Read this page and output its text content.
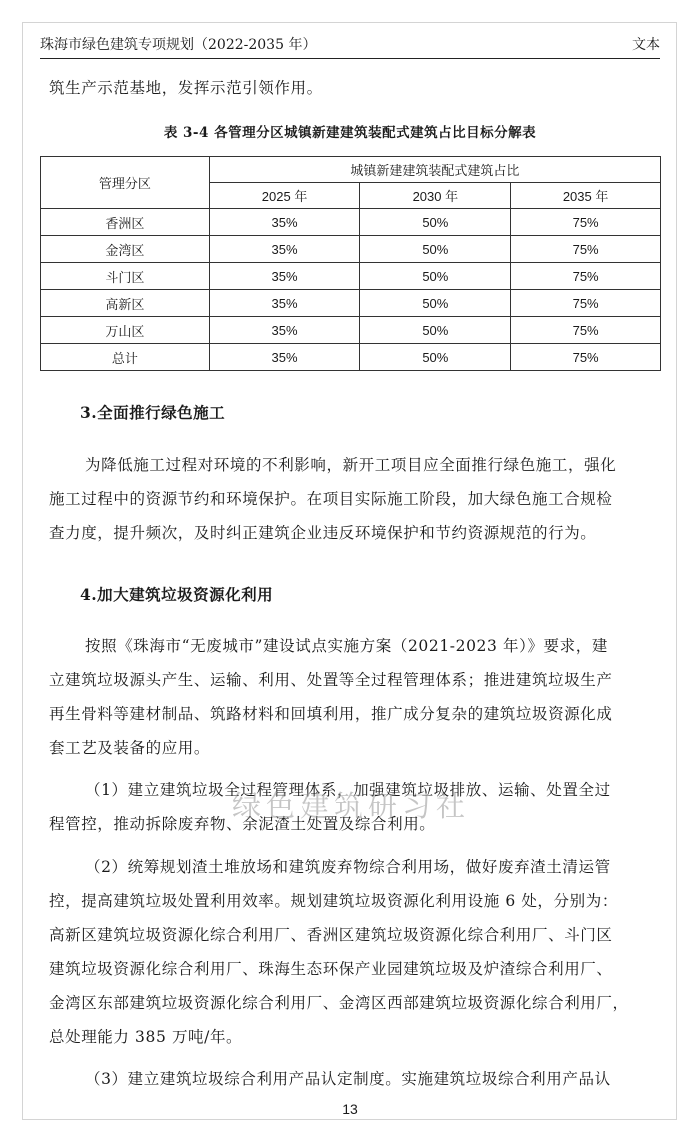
珠海市绿色建筑专项规划（2022-2035 年）	文本
筑生产示范基地，发挥示范引领作用。
表 3-4 各管理分区城镇新建建筑装配式建筑占比目标分解表
管理分区	城镇新建建筑装配式建筑占比		
	2025 年	2030 年	2035 年
香洲区	35%	50%	75%
金湾区	35%	50%	75%
斗门区	35%	50%	75%
高新区	35%	50%	75%
万山区	35%	50%	75%
总计	35%	50%	75%
3.全面推行绿色施工
为降低施工过程对环境的不利影响，新开工项目应全面推行绿色施工，强化
施工过程中的资源节约和环境保护。在项目实际施工阶段，加大绿色施工合规检
查力度，提升频次，及时纠正建筑企业违反环境保护和节约资源规范的行为。
4.加大建筑垃圾资源化利用
按照《珠海市“无废城市”建设试点实施方案（2021-2023 年）》要求，建
立建筑垃圾源头产生、运输、利用、处置等全过程管理体系；推进建筑垃圾生产
再生骨料等建材制品、筑路材料和回填利用，推广成分复杂的建筑垃圾资源化成
套工艺及装备的应用。
（1）建立建筑垃圾全过程管理体系，加强建筑垃圾排放、运输、处置全过
程管控，推动拆除废弃物、余泥渣土处置及综合利用。
（2）统筹规划渣土堆放场和建筑废弃物综合利用场，做好废弃渣土清运管
控，提高建筑垃圾处置利用效率。规划建筑垃圾资源化利用设施 6 处，分别为：
高新区建筑垃圾资源化综合利用厂、香洲区建筑垃圾资源化综合利用厂、斗门区
建筑垃圾资源化综合利用厂、珠海生态环保产业园建筑垃圾及炉渣综合利用厂、
金湾区东部建筑垃圾资源化综合利用厂、金湾区西部建筑垃圾资源化综合利用厂，
总处理能力 385 万吨/年。
（3）建立建筑垃圾综合利用产品认定制度。实施建筑垃圾综合利用产品认
绿色建筑研习社
13
